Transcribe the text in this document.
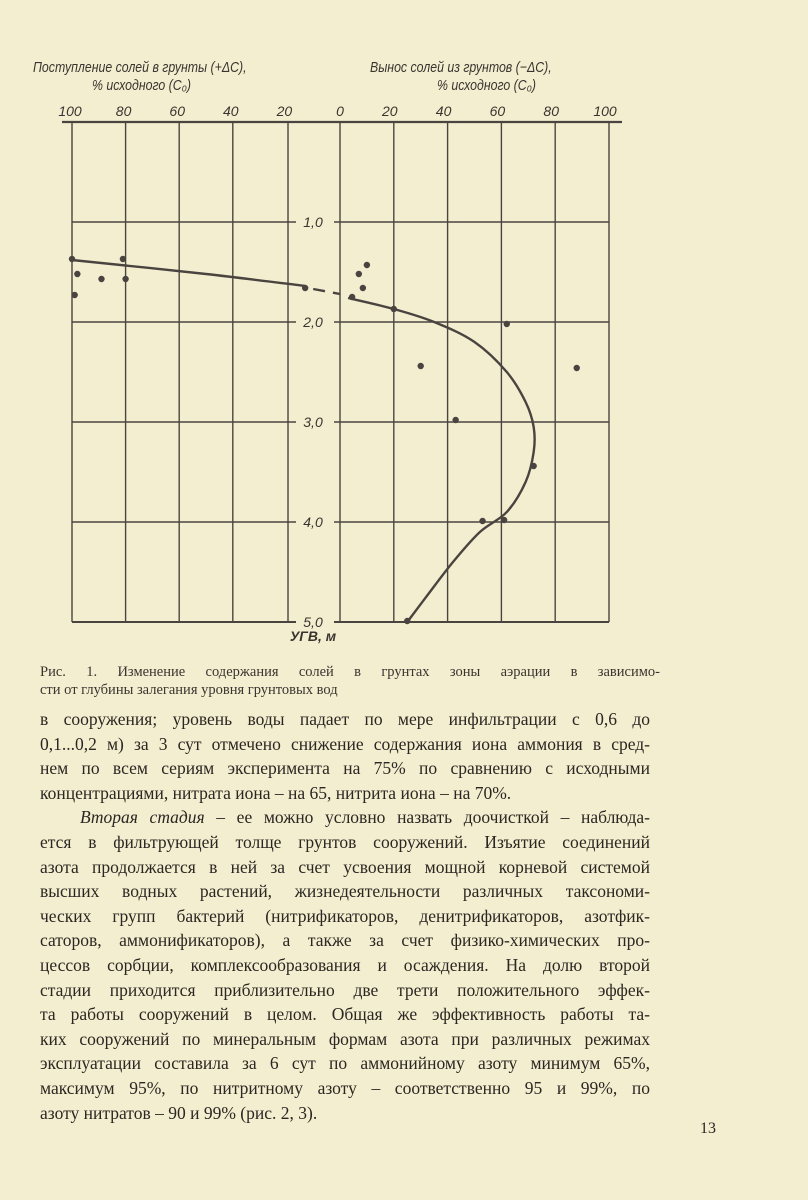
Поступление солей в грунты (+ΔC),
% исходного (C₀)
Вынос солей из грунтов (−ΔC),
% исходного (C₀)
100 80	60	40	20	0	20	40	60	80 100
1,0
2,0
3,0
4,0
5,0
УГВ, м
Рис. 1. Изменение содержания солей в грунтах зоны аэрации в зависимо-
сти от глубины залегания уровня грунтовых вод
в сооружения; уровень воды падает по мере инфильтрации с 0,6 до
0,1...0,2 м) за 3 сут отмечено снижение содержания иона аммония в сред-
нем по всем сериям эксперимента на 75% по сравнению с исходными
концентрациями, нитрата иона – на 65, нитрита иона – на 70%.
Вторая стадия – ее можно условно назвать доочисткой – наблюда-
ется в фильтрующей толще грунтов сооружений. Изъятие соединений
азота продолжается в ней за счет усвоения мощной корневой системой
высших водных растений, жизнедеятельности различных таксономи-
ческих групп бактерий (нитрификаторов, денитрификаторов, азотфик-
саторов, аммонификаторов), а также за счет физико-химических про-
цессов сорбции, комплексообразования и осаждения. На долю второй
стадии приходится приблизительно две трети положительного эффек-
та работы сооружений в целом. Общая же эффективность работы та-
ких сооружений по минеральным формам азота при различных режимах
эксплуатации составила за 6 сут по аммонийному азоту минимум 65%,
максимум 95%, по нитритному азоту – соответственно 95 и 99%, по
азоту нитратов – 90 и 99% (рис. 2, 3).
13
